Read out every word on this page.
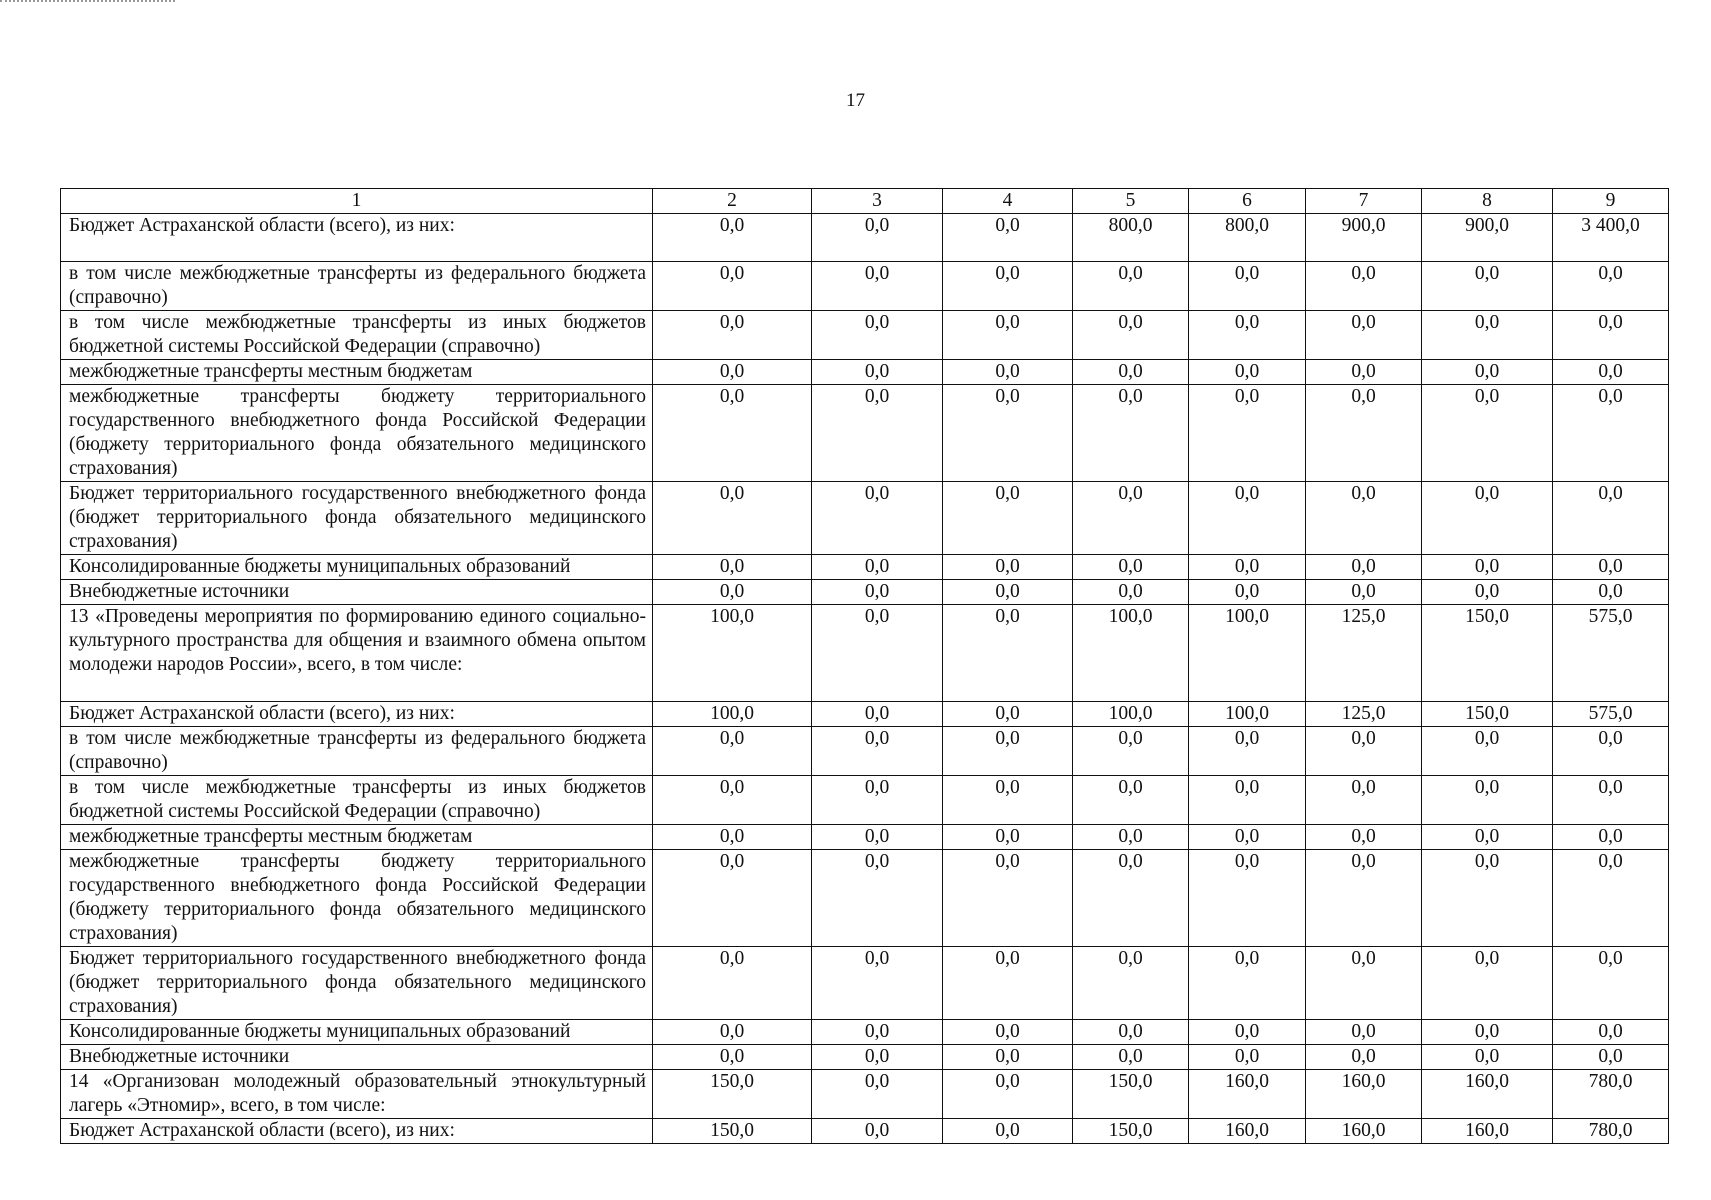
17
1	2	3	4	5	6	7	8	9
Бюджет Астраханской области (всего), из них:	0,0	0,0	0,0	800,0	800,0	900,0	900,0	3 400,0
в том числе межбюджетные трансферты из федерального бюджета (справочно)	0,0	0,0	0,0	0,0	0,0	0,0	0,0	0,0
в том числе межбюджетные трансферты из иных бюджетов бюджетной системы Российской Федерации (справочно)	0,0	0,0	0,0	0,0	0,0	0,0	0,0	0,0
межбюджетные трансферты местным бюджетам	0,0	0,0	0,0	0,0	0,0	0,0	0,0	0,0
межбюджетные трансферты бюджету территориального государственного внебюджетного фонда Российской Федерации (бюджету территориального фонда обязательного медицинского страхования)	0,0	0,0	0,0	0,0	0,0	0,0	0,0	0,0
Бюджет территориального государственного внебюджетного фонда (бюджет территориального фонда обязательного медицинского страхования)	0,0	0,0	0,0	0,0	0,0	0,0	0,0	0,0
Консолидированные бюджеты муниципальных образований	0,0	0,0	0,0	0,0	0,0	0,0	0,0	0,0
Внебюджетные источники	0,0	0,0	0,0	0,0	0,0	0,0	0,0	0,0
13 «Проведены мероприятия по формированию единого социально-культурного пространства для общения и взаимного обмена опытом молодежи народов России», всего, в том числе:	100,0	0,0	0,0	100,0	100,0	125,0	150,0	575,0
Бюджет Астраханской области (всего), из них:	100,0	0,0	0,0	100,0	100,0	125,0	150,0	575,0
в том числе межбюджетные трансферты из федерального бюджета (справочно)	0,0	0,0	0,0	0,0	0,0	0,0	0,0	0,0
в том числе межбюджетные трансферты из иных бюджетов бюджетной системы Российской Федерации (справочно)	0,0	0,0	0,0	0,0	0,0	0,0	0,0	0,0
межбюджетные трансферты местным бюджетам	0,0	0,0	0,0	0,0	0,0	0,0	0,0	0,0
межбюджетные трансферты бюджету территориального государственного внебюджетного фонда Российской Федерации (бюджету территориального фонда обязательного медицинского страхования)	0,0	0,0	0,0	0,0	0,0	0,0	0,0	0,0
Бюджет территориального государственного внебюджетного фонда (бюджет территориального фонда обязательного медицинского страхования)	0,0	0,0	0,0	0,0	0,0	0,0	0,0	0,0
Консолидированные бюджеты муниципальных образований	0,0	0,0	0,0	0,0	0,0	0,0	0,0	0,0
Внебюджетные источники	0,0	0,0	0,0	0,0	0,0	0,0	0,0	0,0
14 «Организован молодежный образовательный этнокультурный лагерь «Этномир», всего, в том числе:	150,0	0,0	0,0	150,0	160,0	160,0	160,0	780,0
Бюджет Астраханской области (всего), из них:	150,0	0,0	0,0	150,0	160,0	160,0	160,0	780,0
